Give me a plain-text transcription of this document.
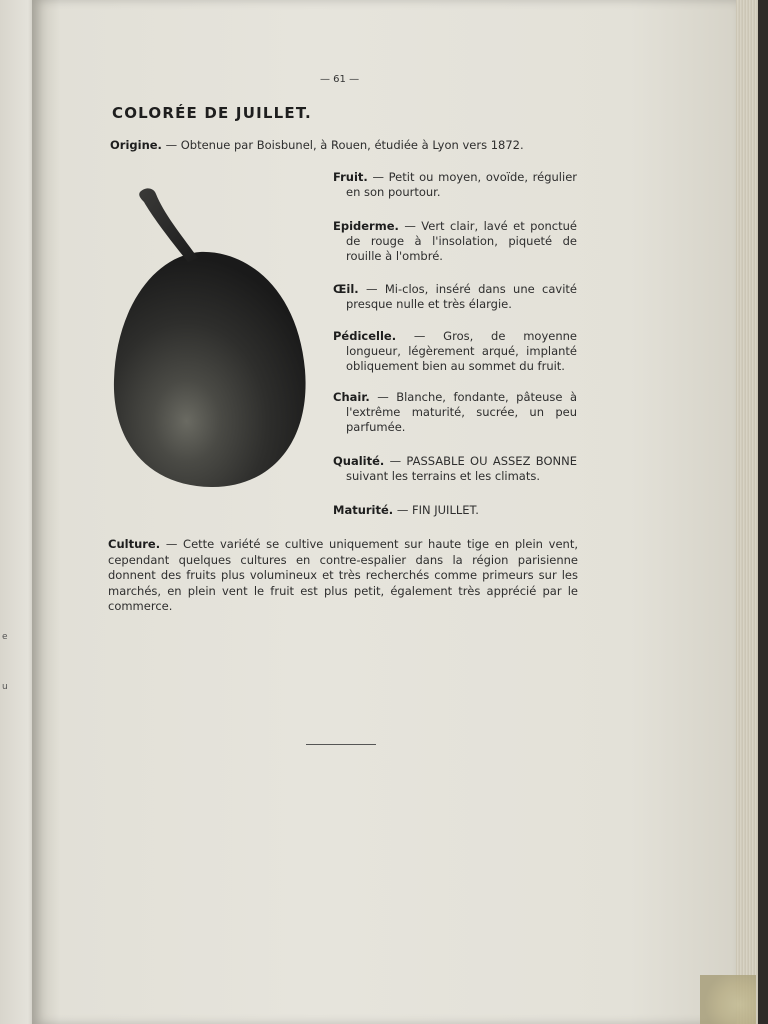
e
u
— 61 —
COLORÉE DE JUILLET.
Origine. — Obtenue par Boisbunel, à Rouen, étudiée à Lyon vers 1872.
Fruit. — Petit ou moyen, ovoïde, régulier en son pourtour.
Epiderme. — Vert clair, lavé et ponctué de rouge à l'insolation, piqueté de rouille à l'ombré.
Œil. — Mi-clos, inséré dans une cavité presque nulle et très élargie.
Pédicelle. — Gros, de moyenne longueur, légèrement arqué, implanté obliquement bien au sommet du fruit.
Chair. — Blanche, fondante, pâteuse à l'extrême maturité, sucrée, un peu parfumée.
Qualité. — PASSABLE OU ASSEZ BONNE suivant les terrains et les climats.
Maturité. — FIN JUILLET.
Culture. — Cette variété se cultive uniquement sur haute tige en plein vent, cependant quelques cultures en contre-espalier dans la région parisienne donnent des fruits plus volumineux et très recherchés comme primeurs sur les marchés, en plein vent le fruit est plus petit, également très apprécié par le commerce.
